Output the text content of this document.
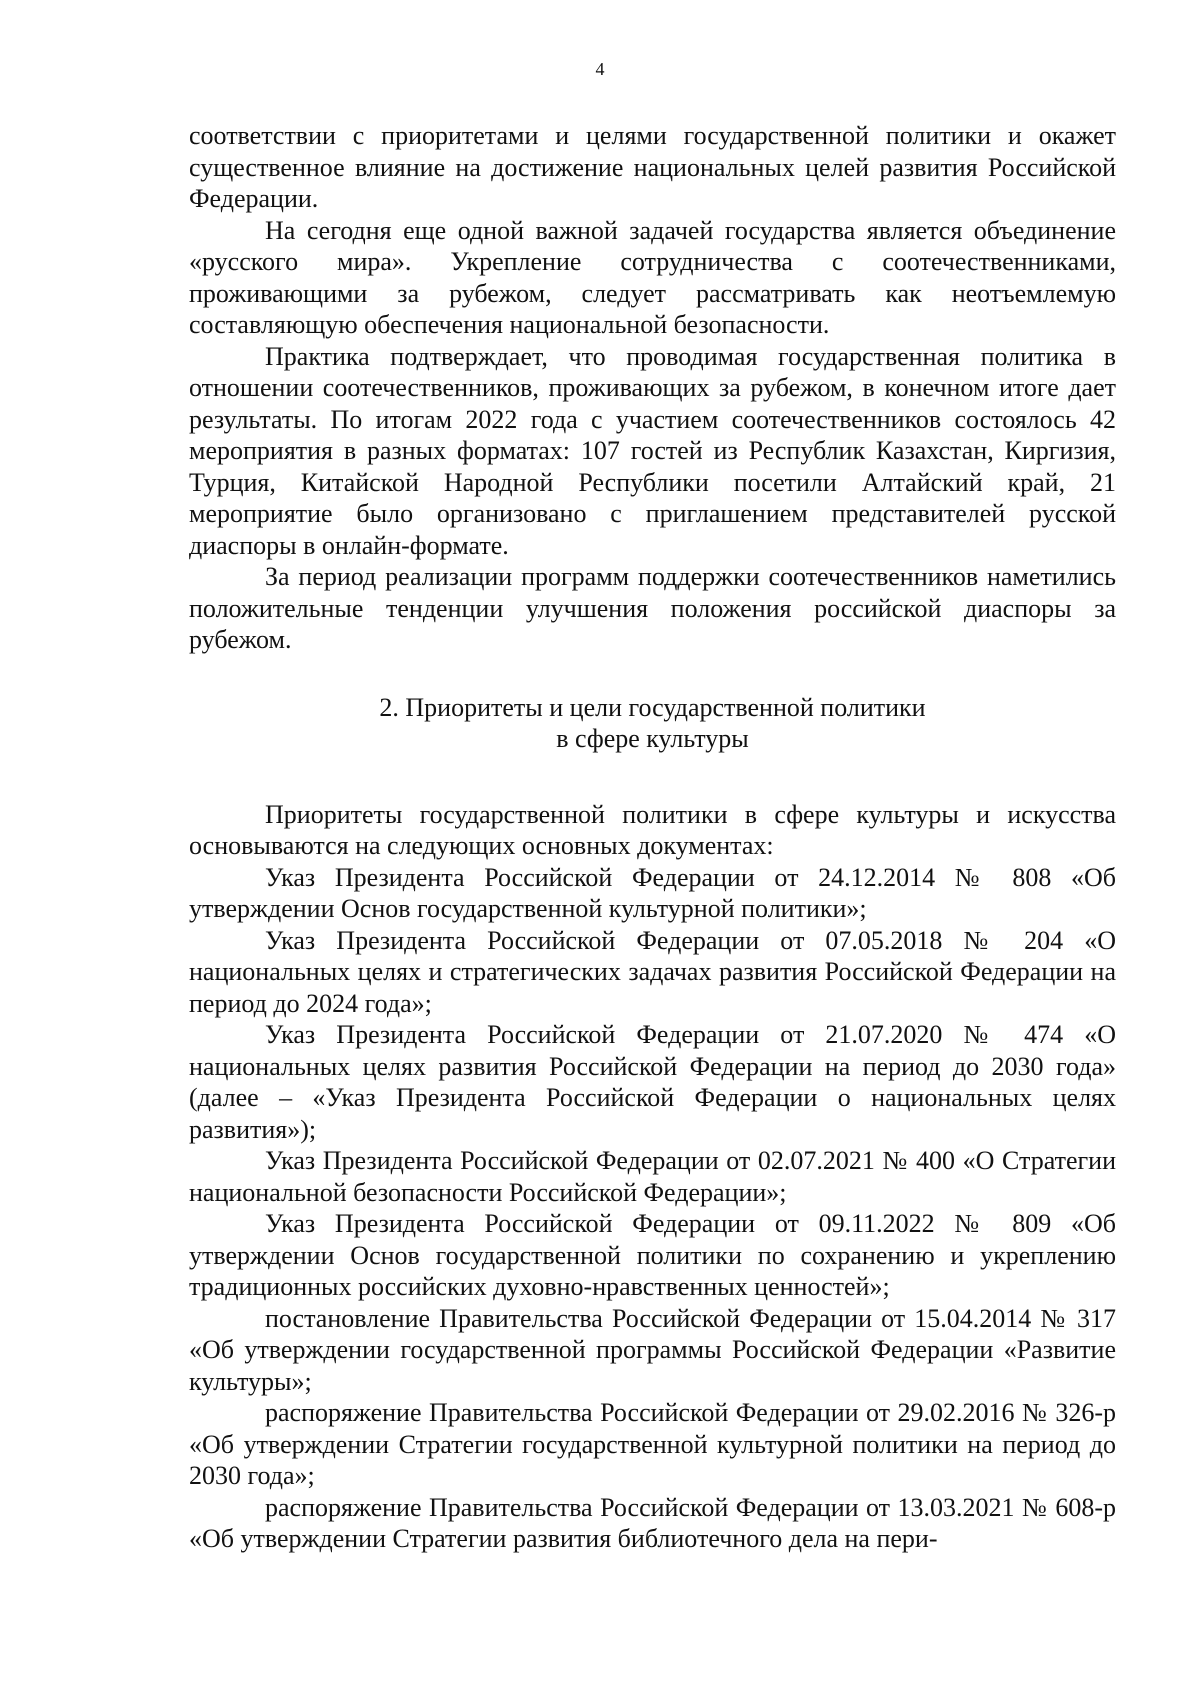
4

соответствии с приоритетами и целями государственной политики и окажет существенное влияние на достижение национальных целей развития Российской Федерации.

На сегодня еще одной важной задачей государства является объединение «русского мира». Укрепление сотрудничества с соотечественниками, проживающими за рубежом, следует рассматривать как неотъемлемую составляющую обеспечения национальной безопасности.

Практика подтверждает, что проводимая государственная политика в отношении соотечественников, проживающих за рубежом, в конечном итоге дает результаты. По итогам 2022 года с участием соотечественников состоялось 42 мероприятия в разных форматах: 107 гостей из Республик Казахстан, Киргизия, Турция, Китайской Народной Республики посетили Алтайский край, 21 мероприятие было организовано с приглашением представителей русской диаспоры в онлайн-формате.

За период реализации программ поддержки соотечественников наметились положительные тенденции улучшения положения российской диаспоры за рубежом.

2. Приоритеты и цели государственной политики
в сфере культуры

Приоритеты государственной политики в сфере культуры и искусства основываются на следующих основных документах:

Указ Президента Российской Федерации от 24.12.2014 № 808 «Об утверждении Основ государственной культурной политики»;

Указ Президента Российской Федерации от 07.05.2018 № 204 «О национальных целях и стратегических задачах развития Российской Федерации на период до 2024 года»;

Указ Президента Российской Федерации от 21.07.2020 № 474 «О национальных целях развития Российской Федерации на период до 2030 года» (далее – «Указ Президента Российской Федерации о национальных целях развития»);

Указ Президента Российской Федерации от 02.07.2021 № 400 «О Стратегии национальной безопасности Российской Федерации»;

Указ Президента Российской Федерации от 09.11.2022 № 809 «Об утверждении Основ государственной политики по сохранению и укреплению традиционных российских духовно-нравственных ценностей»;

постановление Правительства Российской Федерации от 15.04.2014 № 317 «Об утверждении государственной программы Российской Федерации «Развитие культуры»;

распоряжение Правительства Российской Федерации от 29.02.2016 № 326-р «Об утверждении Стратегии государственной культурной политики на период до 2030 года»;

распоряжение Правительства Российской Федерации от 13.03.2021 № 608-р «Об утверждении Стратегии развития библиотечного дела на пери-
